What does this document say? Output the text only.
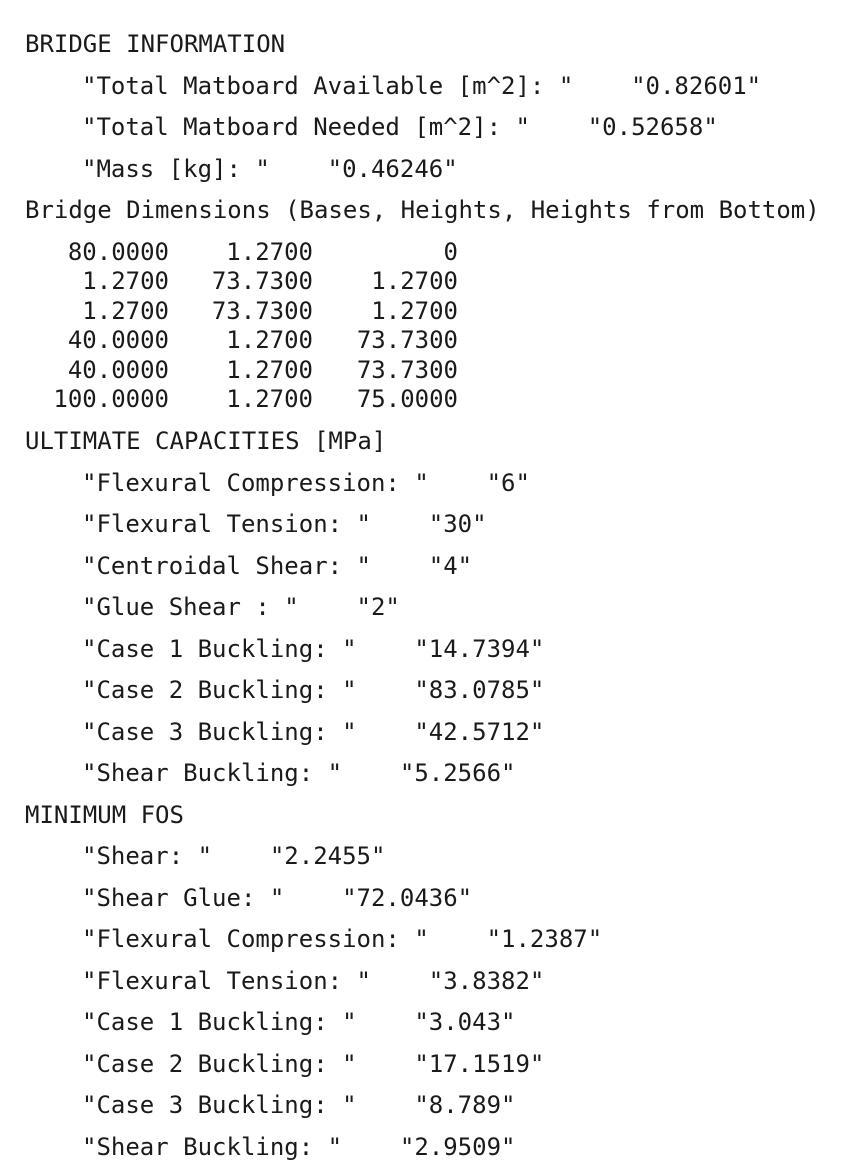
BRIDGE INFORMATION
"Total Matboard Available [m^2]: "    "0.82601"
"Total Matboard Needed [m^2]: "    "0.52658"
"Mass [kg]: "    "0.46246"
Bridge Dimensions (Bases, Heights, Heights from Bottom)
80.0000	1.2700	0
1.2700	73.7300	1.2700
1.2700	73.7300	1.2700
40.0000	1.2700	73.7300
40.0000	1.2700	73.7300
100.0000	1.2700	75.0000
ULTIMATE CAPACITIES [MPa]
"Flexural Compression: "    "6"
"Flexural Tension: "    "30"
"Centroidal Shear: "    "4"
"Glue Shear : "    "2"
"Case 1 Buckling: "    "14.7394"
"Case 2 Buckling: "    "83.0785"
"Case 3 Buckling: "    "42.5712"
"Shear Buckling: "    "5.2566"
MINIMUM FOS
"Shear: "    "2.2455"
"Shear Glue: "    "72.0436"
"Flexural Compression: "    "1.2387"
"Flexural Tension: "    "3.8382"
"Case 1 Buckling: "    "3.043"
"Case 2 Buckling: "    "17.1519"
"Case 3 Buckling: "    "8.789"
"Shear Buckling: "    "2.9509"
